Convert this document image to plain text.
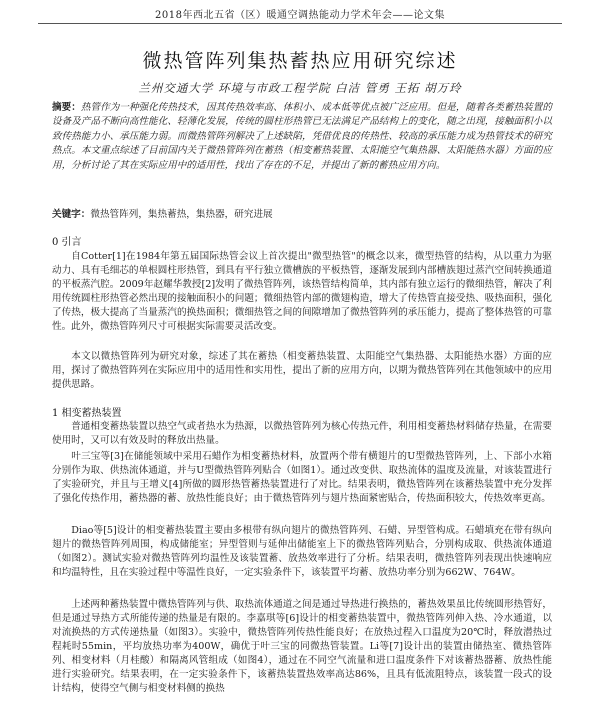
2018年西北五省（区）暖通空调热能动力学术年会——论文集
微热管阵列集热蓄热应用研究综述
兰州交通大学 环境与市政工程学院 白洁 管勇 王拓 胡万玲
摘要：热管作为一种强化传热技术，因其传热效率高、体积小、成本低等优点被广泛应用。但是，随着各类蓄热装置的设备及产品不断向高性能化、轻薄化发展，传统的圆柱形热管已无法满足产品结构上的变化，随之出现，接触面积小以致传热能力小、承压能力弱。而微热管阵列解决了上述缺陷，凭借优良的传热性、较高的承压能力成为热管技术的研究热点。本文重点综述了目前国内关于微热管阵列在蓄热（相变蓄热装置、太阳能空气集热器、太阳能热水器）方面的应用，分析讨论了其在实际应用中的适用性，找出了存在的不足，并提出了新的蓄热应用方向。
关键字：微热管阵列，集热蓄热，集热器，研究进展
0 引言
自Cotter[1]在1984年第五届国际热管会议上首次提出"微型热管"的概念以来，微型热管的结构，从以重力为驱动力、具有毛细芯的单根圆柱形热管，到具有平行独立微槽族的平板热管，逐渐发展到内部槽族翅过蒸汽空间转换通道的平板蒸汽腔。2009年赵耀华教授[2]发明了微热管阵列，该热管结构简单，其内部有独立运行的微细热管，解决了利用传统圆柱形热管必然出现的接触面积小的问题；微细热管内部的微翅构造，增大了传热管直接受热、吸热面积，强化了传热，极大提高了当量蒸汽的换热面积；微细热管之间的间隙增加了微热管阵列的承压能力，提高了整体热管的可靠性。此外，微热管阵列尺寸可根据实际需要灵活改变。
本文以微热管阵列为研究对象，综述了其在蓄热（相变蓄热装置、太阳能空气集热器、太阳能热水器）方面的应用，探讨了微热管阵列在实际应用中的适用性和实用性，提出了新的应用方向，以期为微热管阵列在其他领域中的应用提供思路。
1 相变蓄热装置
普通相变蓄热装置以热空气或者热水为热源，以微热管阵列为核心传热元件，利用相变蓄热材料储存热量，在需要使用时，又可以有效及时的释放出热量。
叶三宝等[3]在储能领域中采用石蜡作为相变蓄热材料，放置两个带有横翅片的U型微热管阵列，上、下部小水箱分别作为取、供热流体通道，并与U型微热管阵列贴合（如图1）。通过改变供、取热流体的温度及流量，对该装置进行了实验研究，并且与王增义[4]所做的圆形热管蓄热装置进行了对比。结果表明，微热管阵列在该蓄热装置中充分发挥了强化传热作用，蓄热器的蓄、放热性能良好；由于微热管阵列与翅片热面紧密贴合，传热面积较大，传热效率更高。
Diao等[5]设计的相变蓄热装置主要由多根带有纵向翅片的微热管阵列、石蜡、异型管构成。石蜡填充在带有纵向翅片的微热管阵列周围，构成储能室；异型管则与延伸出储能室上下的微热管阵列贴合，分别构成取、供热流体通道（如图2）。测试实验对微热管阵列均温性及该装置蓄、放热效率进行了分析。结果表明，微热管阵列表现出快速响应和均温特性，且在实验过程中等温性良好，一定实验条件下，该装置平均蓄、放热功率分别为662W、764W。
上述两种蓄热装置中微热管阵列与供、取热流体通道之间是通过导热进行换热的，蓄热效果虽比传统圆形热管好，但是通过导热方式所能传递的热量是有限的。李嘉琪等[6]设计的相变蓄热装置中，微热管阵列伸入热、冷水通道，以对流换热的方式传递热量（如图3）。实验中，微热管阵列传热性能良好；在放热过程入口温度为20℃时，释放潜热过程耗时55min，平均放热功率为400W，确优于叶三宝的同微热管装置。Li等[7]设计出的装置由储热室、微热管阵列、相变材料（月桂酸）和隔离风管组成（如图4），通过在不同空气流量和进口温度条件下对该蓄热器蓄、放热性能进行实验研究。结果表明，在一定实验条件下，该蓄热装置热效率高达86%，且具有低流阻特点，该装置一段式的设计结构，使得空气侧与相变材料侧的换热
